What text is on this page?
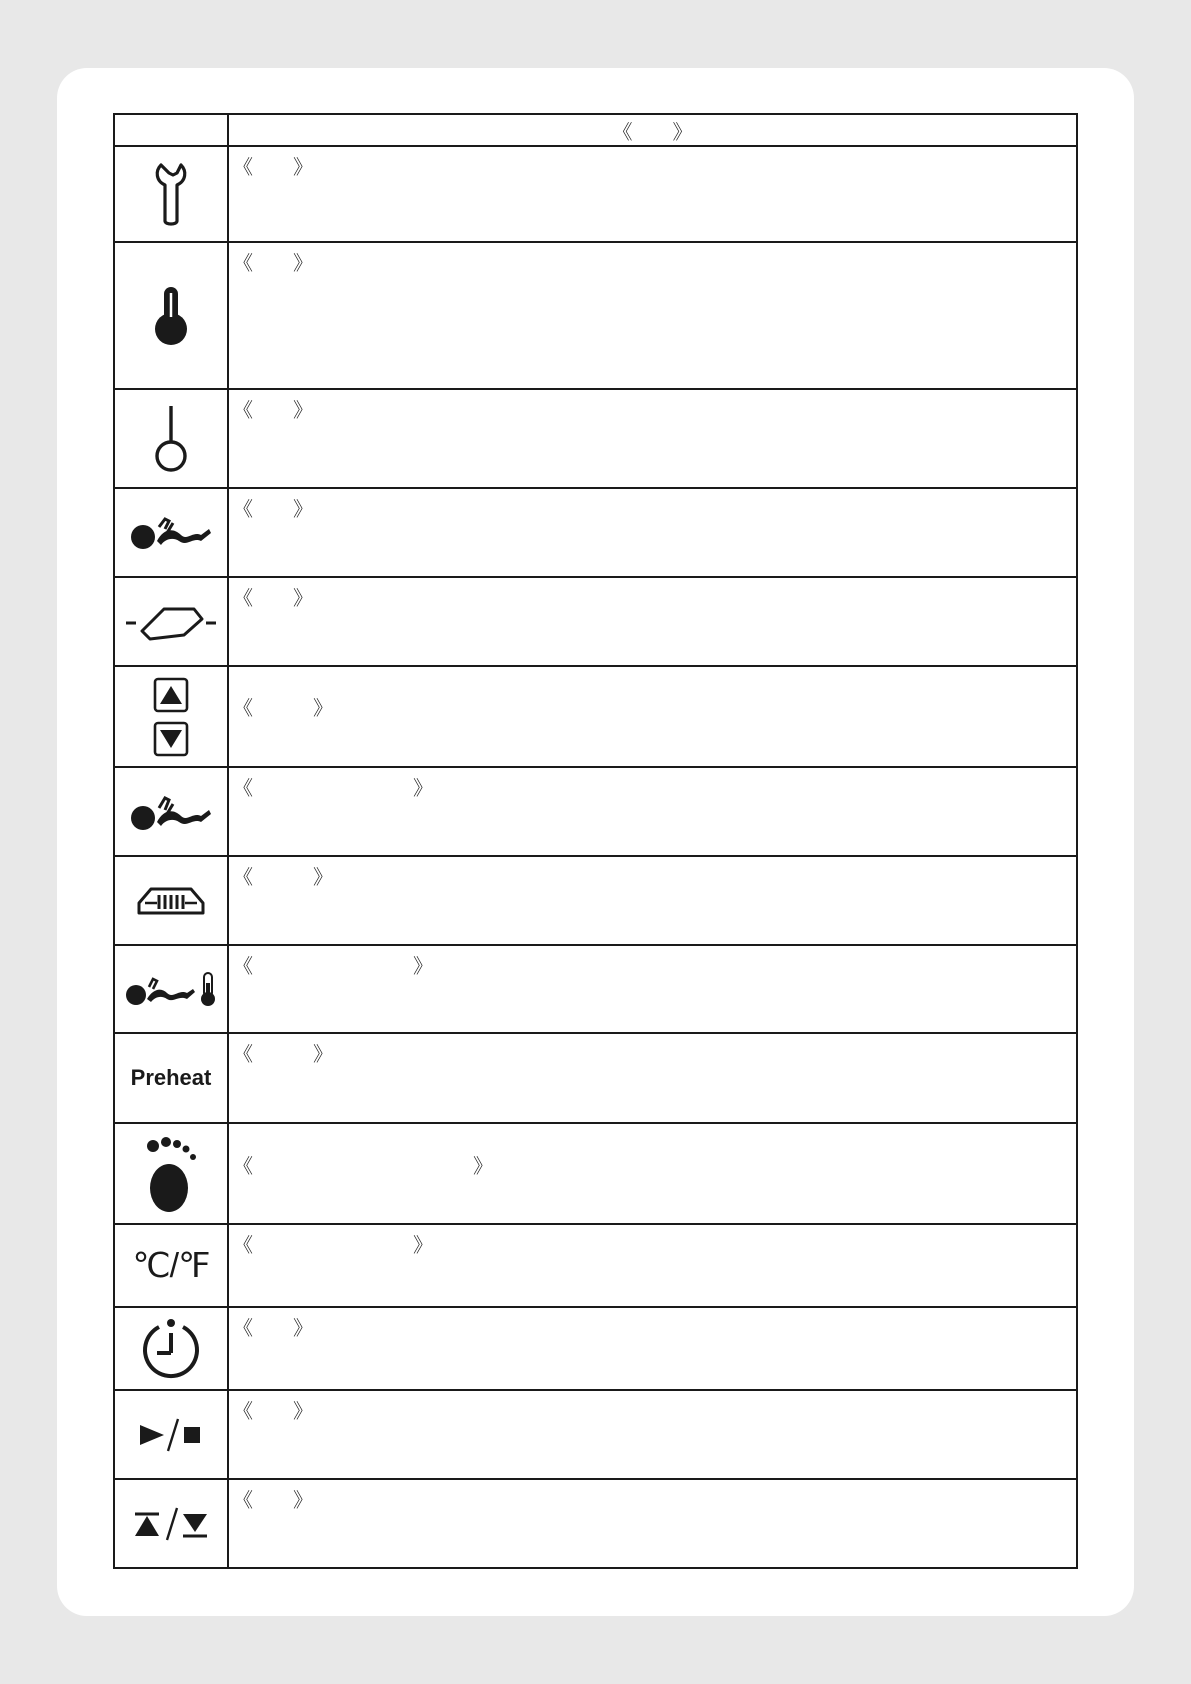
	《　　》

	《　　》

	《　　》

	《　　》

	《　　》

	《　　》

	《　　　》

	《　　　　　　　　》

	《　　　》

	《　　　　　　　　》
Preheat	《　　　》

	《　　　　　　　　　　　》
℃/℉	《　　　　　　　　》

	《　　》

	《　　》

	《　　》
